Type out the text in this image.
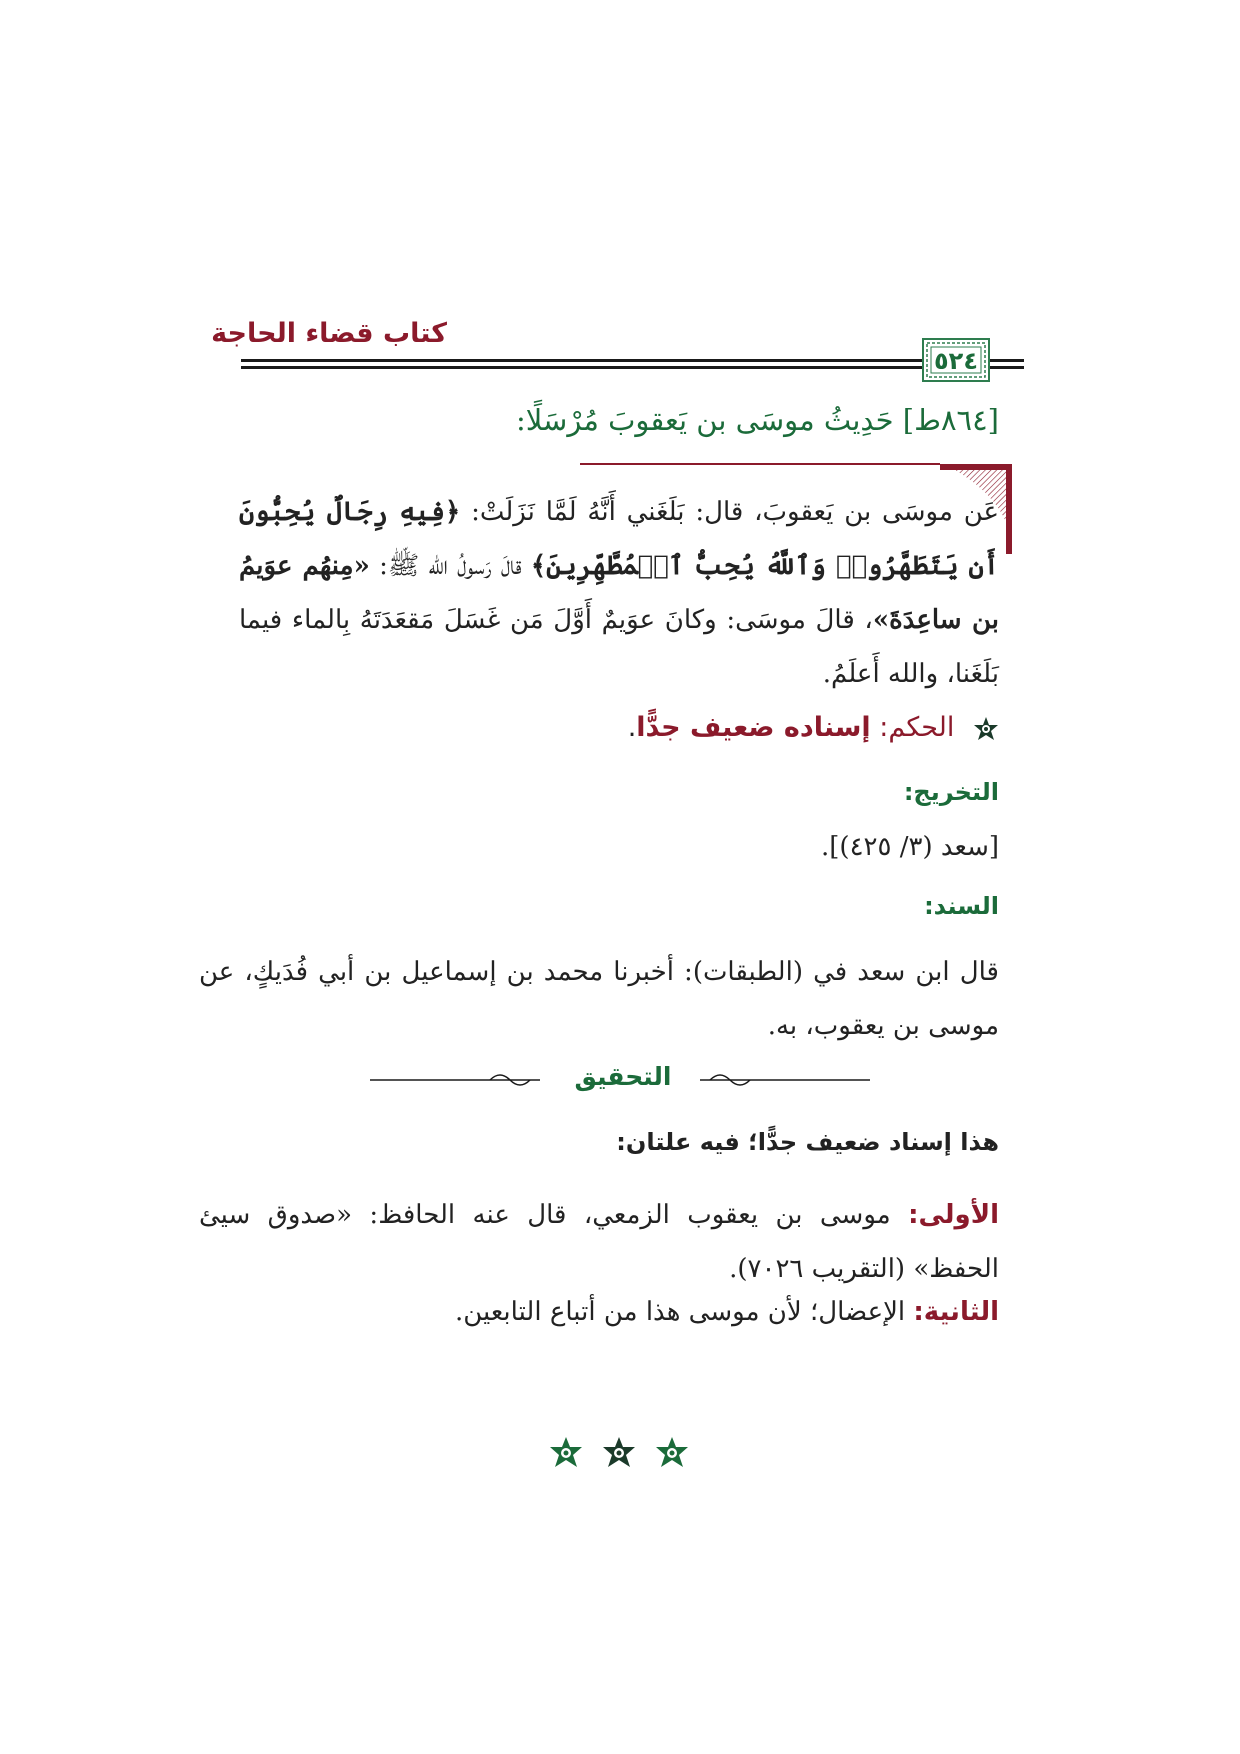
كتاب قضاء الحاجة
٥٢٤
[٨٦٤ط] حَدِيثُ موسَى بن يَعقوبَ مُرْسَلًا:
عَن موسَى بن يَعقوبَ، قال: بَلَغَني أَنَّهُ لَمَّا نَزَلَتْ: ﴿فِيهِ رِجَالٌ يُحِبُّونَ أَن يَتَطَهَّرُوا۟ وَٱللَّهُ يُحِبُّ ٱلۡمُطَّهِّرِينَ﴾ قالَ رَسولُ الله ﷺ: «مِنهُم عوَيمُ بن ساعِدَةَ»، قالَ موسَى: وكانَ عوَيمٌ أَوَّلَ مَن غَسَلَ مَقعَدَتَهُ بِالماء فيما بَلَغَنا، والله أَعلَمُ.
الحكم: إسناده ضعيف جدًّا.
التخريج:
[سعد (٣/ ٤٢٥)].
السند:
قال ابن سعد في (الطبقات): أخبرنا محمد بن إسماعيل بن أبي فُدَيكٍ، عن موسى بن يعقوب، به.
التحقيق
هذا إسناد ضعيف جدًّا؛ فيه علتان:
الأولى: موسى بن يعقوب الزمعي، قال عنه الحافظ: «صدوق سيئ الحفظ» (التقريب ٧٠٢٦).
الثانية: الإعضال؛ لأن موسى هذا من أتباع التابعين.
